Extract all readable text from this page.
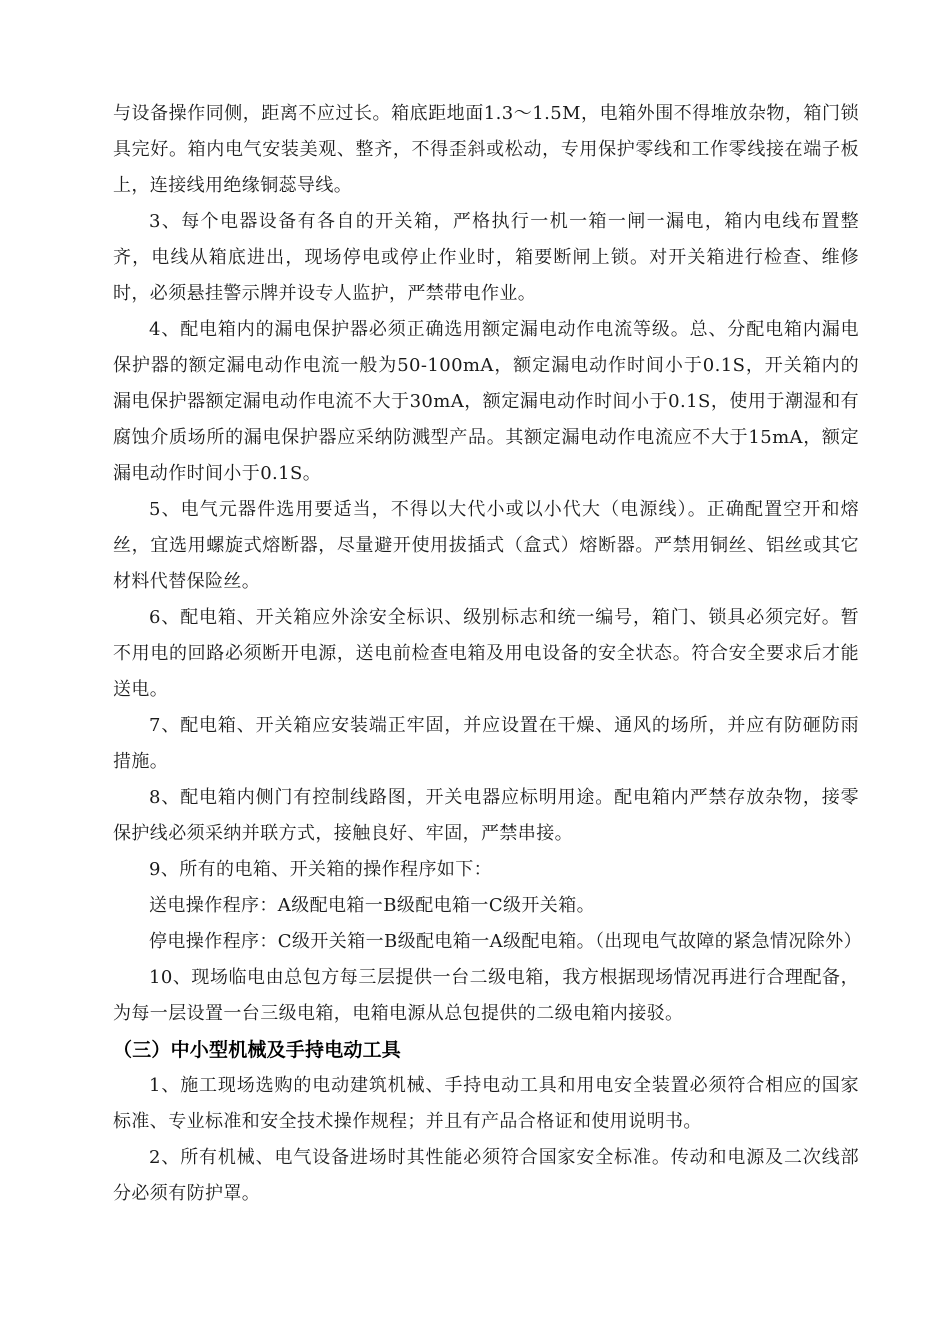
与设备操作同侧，距离不应过长。箱底距地面1.3～1.5M，电箱外围不得堆放杂物，箱门锁具完好。箱内电气安装美观、整齐，不得歪斜或松动，专用保护零线和工作零线接在端子板上，连接线用绝缘铜蕊导线。

3、每个电器设备有各自的开关箱，严格执行一机一箱一闸一漏电，箱内电线布置整齐，电线从箱底进出，现场停电或停止作业时，箱要断闸上锁。对开关箱进行检查、维修时，必须悬挂警示牌并设专人监护，严禁带电作业。

4、配电箱内的漏电保护器必须正确选用额定漏电动作电流等级。总、分配电箱内漏电保护器的额定漏电动作电流一般为50-100mA，额定漏电动作时间小于0.1S，开关箱内的漏电保护器额定漏电动作电流不大于30mA，额定漏电动作时间小于0.1S，使用于潮湿和有腐蚀介质场所的漏电保护器应采纳防溅型产品。其额定漏电动作电流应不大于15mA，额定漏电动作时间小于0.1S。

5、电气元器件选用要适当，不得以大代小或以小代大（电源线）。正确配置空开和熔丝，宜选用螺旋式熔断器，尽量避开使用拔插式（盒式）熔断器。严禁用铜丝、铝丝或其它材料代替保险丝。

6、配电箱、开关箱应外涂安全标识、级别标志和统一编号，箱门、锁具必须完好。暂不用电的回路必须断开电源，送电前检查电箱及用电设备的安全状态。符合安全要求后才能送电。

7、配电箱、开关箱应安装端正牢固，并应设置在干燥、通风的场所，并应有防砸防雨措施。

8、配电箱内侧门有控制线路图，开关电器应标明用途。配电箱内严禁存放杂物，接零保护线必须采纳并联方式，接触良好、牢固，严禁串接。

9、所有的电箱、开关箱的操作程序如下：

送电操作程序：A级配电箱一B级配电箱一C级开关箱。

停电操作程序：C级开关箱一B级配电箱一A级配电箱。（出现电气故障的紧急情况除外）

10、现场临电由总包方每三层提供一台二级电箱，我方根据现场情况再进行合理配备，为每一层设置一台三级电箱，电箱电源从总包提供的二级电箱内接驳。

（三）中小型机械及手持电动工具

1、施工现场选购的电动建筑机械、手持电动工具和用电安全装置必须符合相应的国家标准、专业标准和安全技术操作规程；并且有产品合格证和使用说明书。

2、所有机械、电气设备进场时其性能必须符合国家安全标准。传动和电源及二次线部分必须有防护罩。
